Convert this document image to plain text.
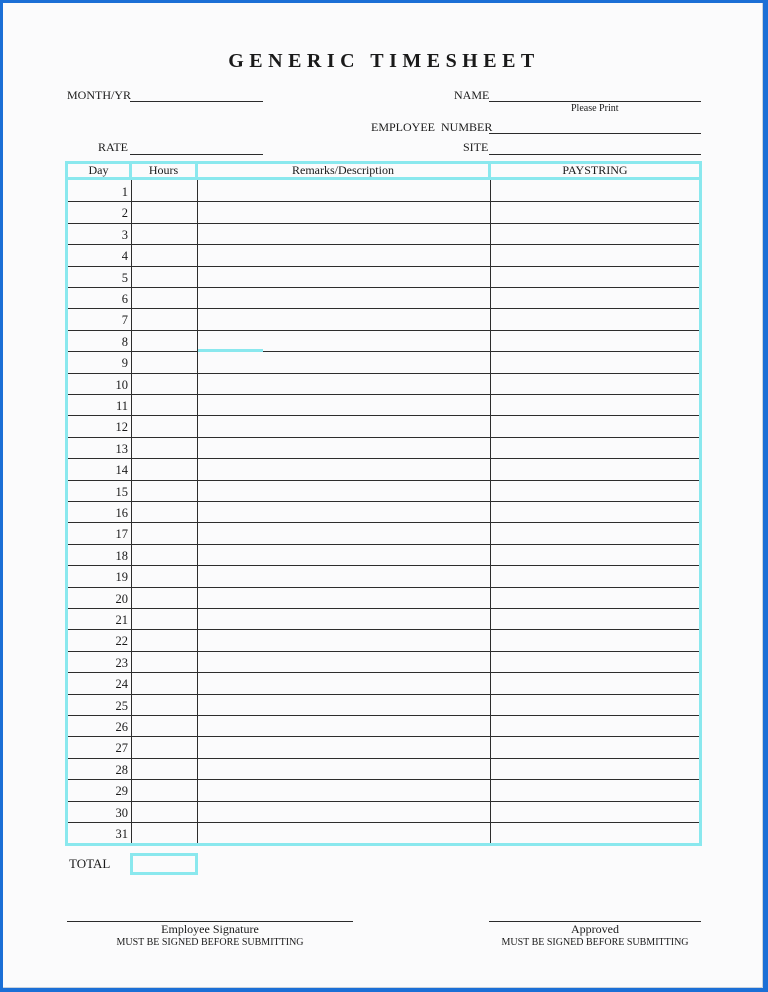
GENERIC TIMESHEET
MONTH/YR
RATE
NAME
Please Print
EMPLOYEE  NUMBER
SITE
Day	Hours	Remarks/Description	PAYSTRING
1
2
3
4
5
6
7
8
9
10
11
12
13
14
15
16
17
18
19
20
21
22
23
24
25
26
27
28
29
30
31
TOTAL
Employee Signature
MUST BE SIGNED BEFORE SUBMITTING
Approved
MUST BE SIGNED BEFORE SUBMITTING
